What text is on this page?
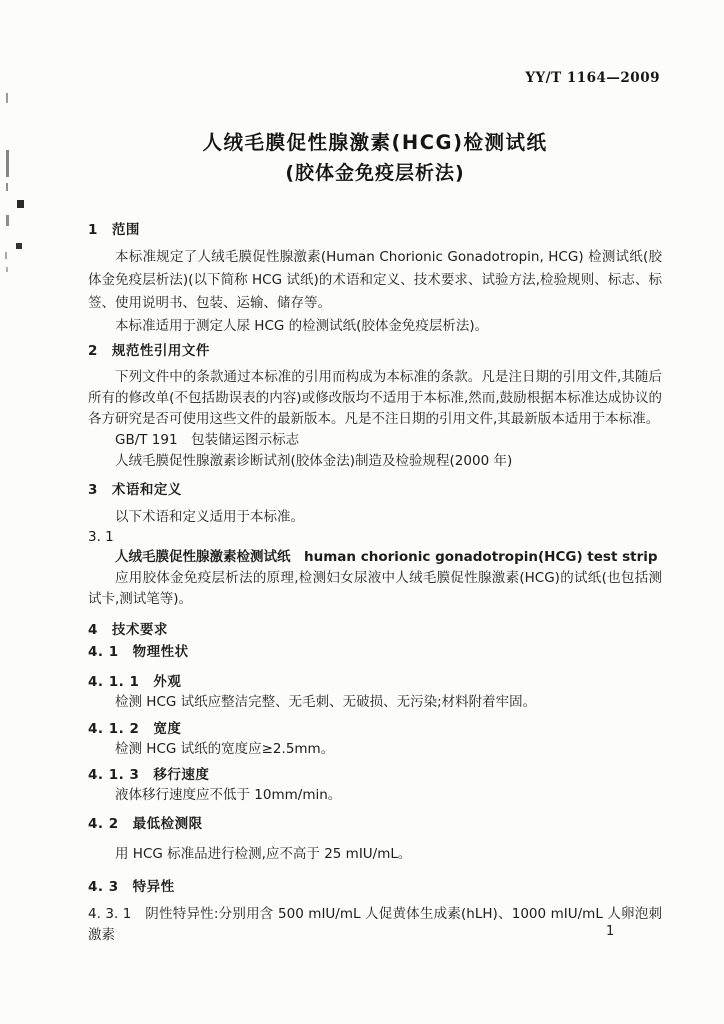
YY/T 1164—2009
人绒毛膜促性腺激素(HCG)检测试纸
(胶体金免疫层析法)
1　范围

本标准规定了人绒毛膜促性腺激素(Human Chorionic Gonadotropin, HCG) 检测试纸(胶体金免疫层析法)(以下简称 HCG 试纸)的术语和定义、技术要求、试验方法,检验规则、标志、标签、使用说明书、包装、运输、储存等。

本标准适用于测定人尿 HCG 的检测试纸(胶体金免疫层析法)。

2　规范性引用文件

下列文件中的条款通过本标准的引用而构成为本标准的条款。凡是注日期的引用文件,其随后所有的修改单(不包括勘误表的内容)或修改版均不适用于本标准,然而,鼓励根据本标准达成协议的各方研究是否可使用这些文件的最新版本。凡是不注日期的引用文件,其最新版本适用于本标准。

GB/T 191　包装储运图示标志

人绒毛膜促性腺激素诊断试剂(胶体金法)制造及检验规程(2000 年)

3　术语和定义

以下术语和定义适用于本标准。

3. 1

人绒毛膜促性腺激素检测试纸　human chorionic gonadotropin(HCG) test strip

应用胶体金免疫层析法的原理,检测妇女尿液中人绒毛膜促性腺激素(HCG)的试纸(也包括测试卡,测试笔等)。

4　技术要求
4. 1　物理性状
4. 1. 1　外观

检测 HCG 试纸应整洁完整、无毛刺、无破损、无污染;材料附着牢固。

4. 1. 2　宽度

检测 HCG 试纸的宽度应≥2.5mm。

4. 1. 3　移行速度

液体移行速度应不低于 10mm/min。

4. 2　最低检测限

用 HCG 标准品进行检测,应不高于 25 mIU/mL。

4. 3　特异性

4. 3. 1　阴性特异性:分别用含 500 mIU/mL 人促黄体生成素(hLH)、1000 mIU/mL 人卵泡刺激素	1
